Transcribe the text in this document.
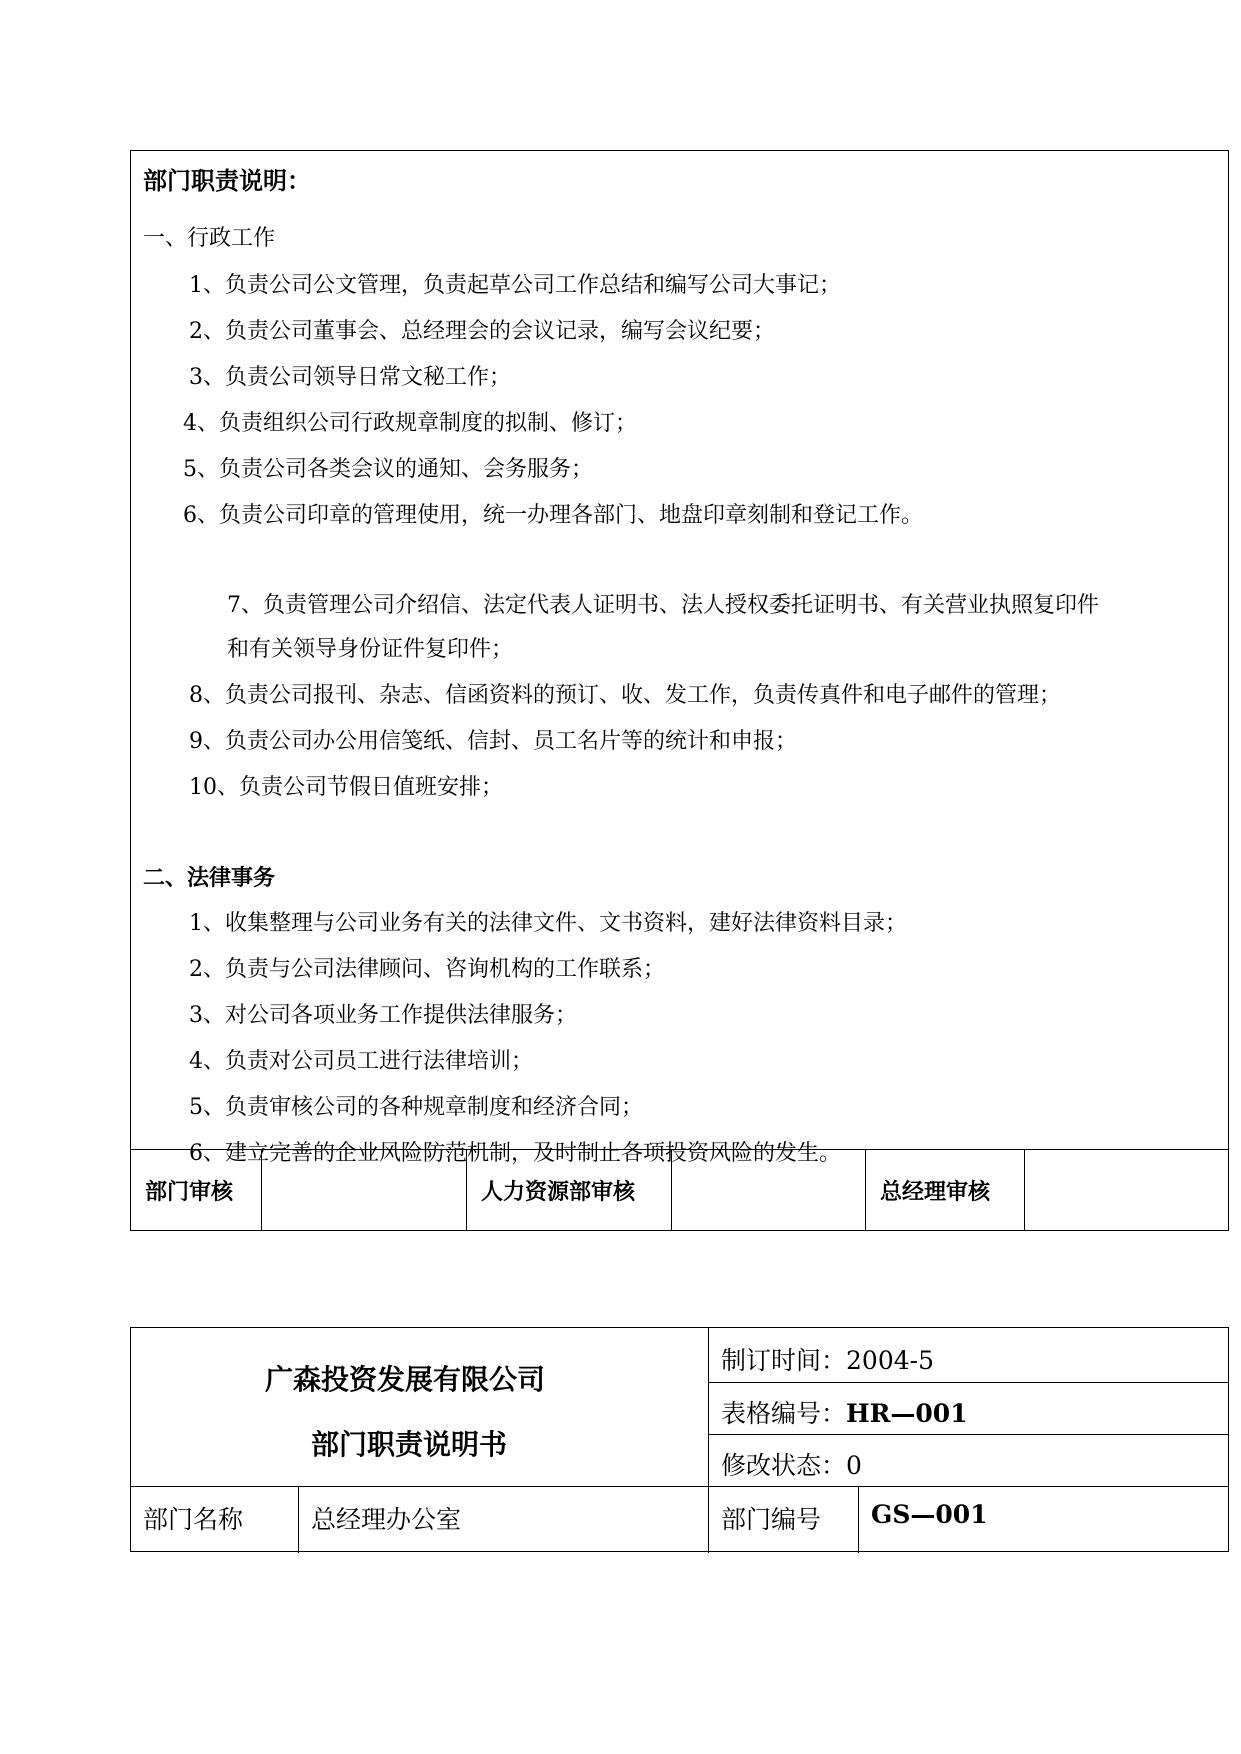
部门职责说明：
一、行政工作
1、负责公司公文管理，负责起草公司工作总结和编写公司大事记；
2、负责公司董事会、总经理会的会议记录，编写会议纪要；
3、负责公司领导日常文秘工作；
4、负责组织公司行政规章制度的拟制、修订；
5、负责公司各类会议的通知、会务服务；
6、负责公司印章的管理使用，统一办理各部门、地盘印章刻制和登记工作。
7、负责管理公司介绍信、法定代表人证明书、法人授权委托证明书、有关营业执照复印件
和有关领导身份证件复印件；
8、负责公司报刊、杂志、信函资料的预订、收、发工作，负责传真件和电子邮件的管理；
9、负责公司办公用信笺纸、信封、员工名片等的统计和申报；
10、负责公司节假日值班安排；
二、法律事务
1、收集整理与公司业务有关的法律文件、文书资料，建好法律资料目录；
2、负责与公司法律顾问、咨询机构的工作联系；
3、对公司各项业务工作提供法律服务；
4、负责对公司员工进行法律培训；
5、负责审核公司的各种规章制度和经济合同；
6、建立完善的企业风险防范机制，及时制止各项投资风险的发生。
部门审核	人力资源部审核	总经理审核
广森投资发展有限公司
部门职责说明书
制订时间：2004-5
表格编号：HR—001
修改状态：0
部门名称	总经理办公室	部门编号 GS—001
